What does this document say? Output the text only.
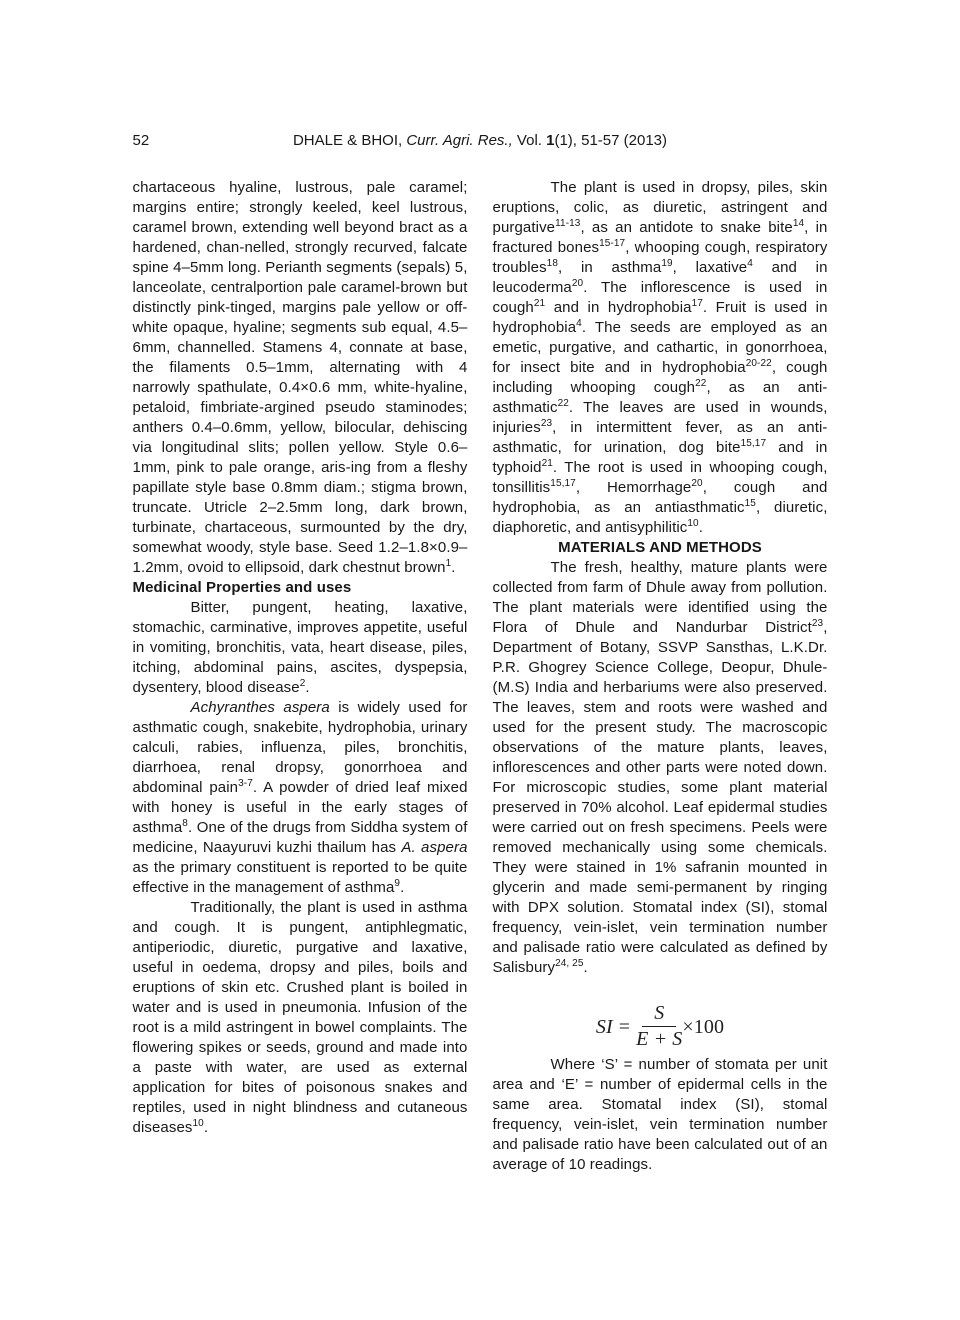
52	DHALE & BHOI, Curr. Agri. Res., Vol. 1(1), 51-57 (2013)

chartaceous hyaline, lustrous, pale caramel; margins entire; strongly keeled, keel lustrous, caramel brown, extending well beyond bract as a hardened, chan-nelled, strongly recurved, falcate spine 4–5mm long. Perianth segments (sepals) 5, lanceolate, centralportion pale caramel-brown but distinctly pink-tinged, margins pale yellow or off-white opaque, hyaline; segments sub equal, 4.5–6mm, channelled. Stamens 4, connate at base, the filaments 0.5–1mm, alternating with 4 narrowly spathulate, 0.4×0.6 mm, white-hyaline, petaloid, fimbriate-argined pseudo staminodes; anthers 0.4–0.6mm, yellow, bilocular, dehiscing via longitudinal slits; pollen yellow. Style 0.6–1mm, pink to pale orange, aris-ing from a fleshy papillate style base 0.8mm diam.; stigma brown, truncate. Utricle 2–2.5mm long, dark brown, turbinate, chartaceous, surmounted by the dry, somewhat woody, style base. Seed 1.2–1.8×0.9–1.2mm, ovoid to ellipsoid, dark chestnut brown$^1$.

Medicinal Properties and uses

Bitter, pungent, heating, laxative, stomachic, carminative, improves appetite, useful in vomiting, bronchitis, vata, heart disease, piles, itching, abdominal pains, ascites, dyspepsia, dysentery, blood disease$^2$.

Achyranthes aspera is widely used for asthmatic cough, snakebite, hydrophobia, urinary calculi, rabies, influenza, piles, bronchitis, diarrhoea, renal dropsy, gonorrhoea and abdominal pain$^{3-7}$. A powder of dried leaf mixed with honey is useful in the early stages of asthma$^8$. One of the drugs from Siddha system of medicine, Naayuruvi kuzhi thailum has A. aspera as the primary constituent is reported to be quite effective in the management of asthma$^9$.

Traditionally, the plant is used in asthma and cough. It is pungent, antiphlegmatic, antiperiodic, diuretic, purgative and laxative, useful in oedema, dropsy and piles, boils and eruptions of skin etc. Crushed plant is boiled in water and is used in pneumonia. Infusion of the root is a mild astringent in bowel complaints. The flowering spikes or seeds, ground and made into a paste with water, are used as external application for bites of poisonous snakes and reptiles, used in night blindness and cutaneous diseases$^{10}$.

The plant is used in dropsy, piles, skin eruptions, colic, as diuretic, astringent and purgative$^{11-13}$, as an antidote to snake bite$^{14}$, in fractured bones$^{15-17}$, whooping cough, respiratory troubles$^{18}$, in asthma$^{19}$, laxative$^4$ and in leucoderma$^{20}$. The inflorescence is used in cough$^{21}$ and in hydrophobia$^{17}$. Fruit is used in hydrophobia$^4$. The seeds are employed as an emetic, purgative, and cathartic, in gonorrhoea, for insect bite and in hydrophobia$^{20-22}$, cough including whooping cough$^{22}$, as an anti-asthmatic$^{22}$. The leaves are used in wounds, injuries$^{23}$, in intermittent fever, as an anti-asthmatic, for urination, dog bite$^{15,17}$ and in typhoid$^{21}$. The root is used in whooping cough, tonsillitis$^{15,17}$, Hemorrhage$^{20}$, cough and hydrophobia, as an antiasthmatic$^{15}$, diuretic, diaphoretic, and antisyphilitic$^{10}$.

MATERIALS AND METHODS

The fresh, healthy, mature plants were collected from farm of Dhule away from pollution. The plant materials were identified using the Flora of Dhule and Nandurbar District$^{23}$, Department of Botany, SSVP Sansthas, L.K.Dr. P.R. Ghogrey Science College, Deopur, Dhule-(M.S) India and herbariums were also preserved. The leaves, stem and roots were washed and used for the present study. The macroscopic observations of the mature plants, leaves, inflorescences and other parts were noted down. For microscopic studies, some plant material preserved in 70% alcohol. Leaf epidermal studies were carried out on fresh specimens. Peels were removed mechanically using some chemicals. They were stained in 1% safranin mounted in glycerin and made semi-permanent by ringing with DPX solution. Stomatal index (SI), stomal frequency, vein-islet, vein termination number and palisade ratio were calculated as defined by Salisbury$^{24, 25}$.

SI = $\frac{S}{E + S} \times 100$

Where ‘S’ = number of stomata per unit area and ‘E’ = number of epidermal cells in the same area. Stomatal index (SI), stomal frequency, vein-islet, vein termination number and palisade ratio have been calculated out of an average of 10 readings.
